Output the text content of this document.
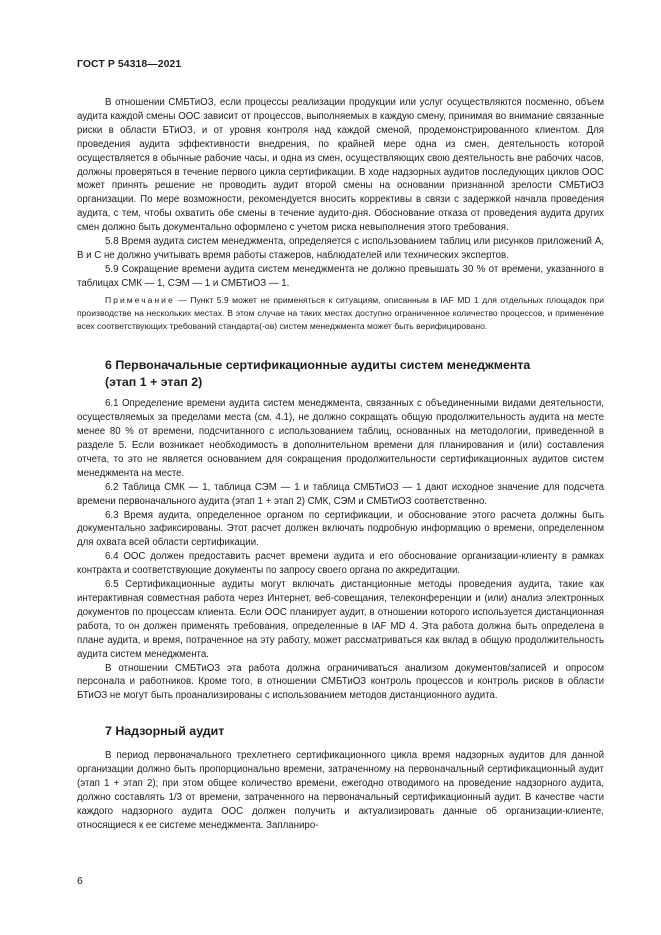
ГОСТ Р 54318—2021

В отношении СМБТиОЗ, если процессы реализации продукции или услуг осуществляются посменно, объем аудита каждой смены ООС зависит от процессов, выполняемых в каждую смену, принимая во внимание связанные риски в области БТиОЗ, и от уровня контроля над каждой сменой, продемонстрированного клиентом. Для проведения аудита эффективности внедрения, по крайней мере одна из смен, деятельность которой осуществляется в обычные рабочие часы, и одна из смен, осуществляющих свою деятельность вне рабочих часов, должны проверяться в течение первого цикла сертификации. В ходе надзорных аудитов последующих циклов ООС может принять решение не проводить аудит второй смены на основании признанной зрелости СМБТиОЗ организации. По мере возможности, рекомендуется вносить коррективы в связи с задержкой начала проведения аудита, с тем, чтобы охватить обе смены в течение аудито-дня. Обоснование отказа от проведения аудита других смен должно быть документально оформлено с учетом риска невыполнения этого требования.

5.8 Время аудита систем менеджмента, определяется с использованием таблиц или рисунков приложений А, В и С не должно учитывать время работы стажеров, наблюдателей или технических экспертов.

5.9 Сокращение времени аудита систем менеджмента не должно превышать 30 % от времени, указанного в таблицах СМК — 1, СЭМ — 1 и СМБТиОЗ — 1.

Примечание — Пункт 5.9 может не применяться к ситуациям, описанным в IAF MD 1 для отдельных площадок при производстве на нескольких местах. В этом случае на таких местах доступно ограниченное количество процессов, и применение всех соответствующих требований стандарта(-ов) систем менеджмента может быть верифицировано.

6 Первоначальные сертификационные аудиты систем менеджмента
(этап 1 + этап 2)

6.1 Определение времени аудита систем менеджмента, связанных с объединенными видами деятельности, осуществляемых за пределами места (см. 4.1), не должно сокращать общую продолжительность аудита на месте менее 80 % от времени, подсчитанного с использованием таблиц, основанных на методологии, приведенной в разделе 5. Если возникает необходимость в дополнительном времени для планирования и (или) составления отчета, то это не является основанием для сокращения продолжительности сертификационных аудитов систем менеджмента на месте.

6.2 Таблица СМК — 1, таблица СЭМ — 1 и таблица СМБТиОЗ — 1 дают исходное значение для подсчета времени первоначального аудита (этап 1 + этап 2) СМК, СЭМ и СМБТиОЗ соответственно.

6.3 Время аудита, определенное органом по сертификации, и обоснование этого расчета должны быть документально зафиксированы. Этот расчет должен включать подробную информацию о времени, определенном для охвата всей области сертификации.

6.4 ООС должен предоставить расчет времени аудита и его обоснование организации-клиенту в рамках контракта и соответствующие документы по запросу своего органа по аккредитации.

6.5 Сертификационные аудиты могут включать дистанционные методы проведения аудита, такие как интерактивная совместная работа через Интернет, веб-совещания, телеконференции и (или) анализ электронных документов по процессам клиента. Если ООС планирует аудит, в отношении которого используется дистанционная работа, то он должен применять требования, определенные в IAF MD 4. Эта работа должна быть определена в плане аудита, и время, потраченное на эту работу, может рассматриваться как вклад в общую продолжительность аудита систем менеджмента.

В отношении СМБТиОЗ эта работа должна ограничиваться анализом документов/записей и опросом персонала и работников. Кроме того, в отношении СМБТиОЗ контроль процессов и контроль рисков в области БТиОЗ не могут быть проанализированы с использованием методов дистанционного аудита.

7 Надзорный аудит

В период первоначального трехлетнего сертификационного цикла время надзорных аудитов для данной организации должно быть пропорционально времени, затраченному на первоначальный сертификационный аудит (этап 1 + этап 2); при этом общее количество времени, ежегодно отводимого на проведение надзорного аудита, должно составлять 1/3 от времени, затраченного на первоначальный сертификационный аудит. В качестве части каждого надзорного аудита ООС должен получить и актуализировать данные об организации-клиенте, относящиеся к ее системе менеджмента. Запланиро-

6
